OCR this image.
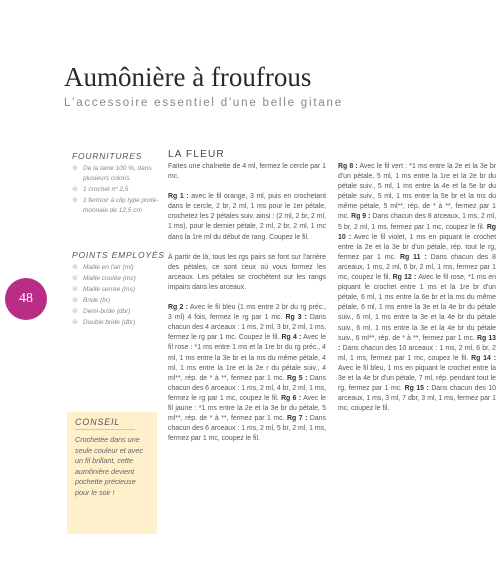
Aumônière à froufrous
L'accessoire essentiel d'une belle gitane
FOURNITURES
⊛ De la laine 100 %, dans plusieurs coloris
⊛ 1 crochet nº 2,5
⊛ 1 fermoir à clip type porte-monnaie de 12,5 cm
POINTS EMPLOYÉS
⊛ Maille en l'air (ml)
⊛ Maille coulée (mc)
⊛ Maille serrée (ms)
⊛ Bride (br)
⊛ Demi-bride (dbr)
⊛ Double bride (dbr)
48
CONSEIL
Crochetée dans une seule couleur et avec un fil brillant, cette aumônière devient pochette précieuse pour le soir !
LA FLEUR

Faites une chaînette de 4 ml, fermez le cercle par 1 mc.

Rg 1 : avec le fil orange, 3 ml, puis en crochetant dans le cercle, 2 br, 2 ml, 1 ms pour le 1er pétale, crochetez les 2 pétales suiv. ainsi : (2 ml, 2 br, 2 ml, 1 ms), pour le dernier pétale, 2 ml, 2 br, 2 ml, 1 mc dans la 1re ml du début de rang. Coupez le fil.

À partir de là, tous les rgs pairs se font sur l'arrière des pétales, ce sont ceux où vous formez les arceaux. Les pétales se crochètent sur les rangs impairs dans les arceaux.

Rg 2 : Avec le fil bleu (1 ms entre 2 br du rg préc., 3 ml) 4 fois, fermez le rg par 1 mc. Rg 3 : Dans chacun des 4 arceaux : 1 ms, 2 ml, 3 br, 2 ml, 1 ms, fermez le rg par 1 mc. Coupez le fil. Rg 4 : Avec le fil rose : *1 ms entre 1 ms et la 1re br du rg préc., 4 ml, 1 ms entre la 3e br et la ms du même pétale, 4 ml, 1 ms entre la 1re et la 2e r du pétale suiv., 4 ml**, rép. de * à **, fermez par 1 mc. Rg 5 : Dans chacun des 6 arceaux : 1 ms, 2 ml, 4 br, 2 ml, 1 ms, fermez le rg par 1 mc, coupez le fil. Rg 6 : Avec le fil jaune : *1 ms entre la 2e et la 3e br du pétale, 5 ml**, rép. de * à **, fermez par 1 mc. Rg 7 : Dans chacun des 6 arceaux : 1 ms, 2 ml, 5 br, 2 ml, 1 ms, fermez par 1 mc, coupez le fil.

Rg 8 : Avec le fil vert : *1 ms entre la 2e et la 3e br d'un pétale, 5 ml, 1 ms entre la 1re et la 2e br du pétale suiv., 5 ml, 1 ms entre la 4e et la 5e br du pétale suiv., 5 ml, 1 ms entre la 5e br et la ms du même pétale, 5 ml**, rép. de * à **, fermez par 1 mc. Rg 9 : Dans chacun des 8 arceaux, 1 ms, 2 ml, 5 br, 2 ml, 1 ms, fermez par 1 mc, coupez le fil. Rg 10 : Avec le fil violet, 1 ms en piquant le crochet entre la 2e et la 3e br d'un pétale, rép. tout le rg, fermez par 1 mc. Rg 11 : Dans chacun des 8 arceaux, 1 ms, 2 ml, 6 br, 2 ml, 1 ms, fermez par 1 mc, coupez le fil. Rg 12 : Avec le fil rose, *1 ms en piquant le crochet entre 1 ms et la 1re br d'un pétale, 6 ml, 1 ms entre la 6e br et la ms du même pétale, 6 ml, 1 ms entre la 3e et la 4e br du pétale suiv., 6 ml, 1 ms entre la 3e et la 4e br du pétale suiv., 6 ml, 1 ms entre la 3e et la 4e br du pétale suiv., 6 ml**, rép. de * à **, fermez par 1 mc. Rg 13 : Dans chacun des 10 arceaux : 1 ms, 2 ml, 6 br, 2 ml, 1 ms, fermez par 1 mc, coupez le fil. Rg 14 : Avec le fil bleu, 1 ms en piquant le crochet entre la 3e et la 4e br d'un pétale, 7 ml, rép. pendant tout le rg, fermez par 1 mc. Rg 15 : Dans chacun des 10 arceaux, 1 ms, 3 ml, 7 dbr, 3 ml, 1 ms, fermez par 1 mc, coupez le fil.
